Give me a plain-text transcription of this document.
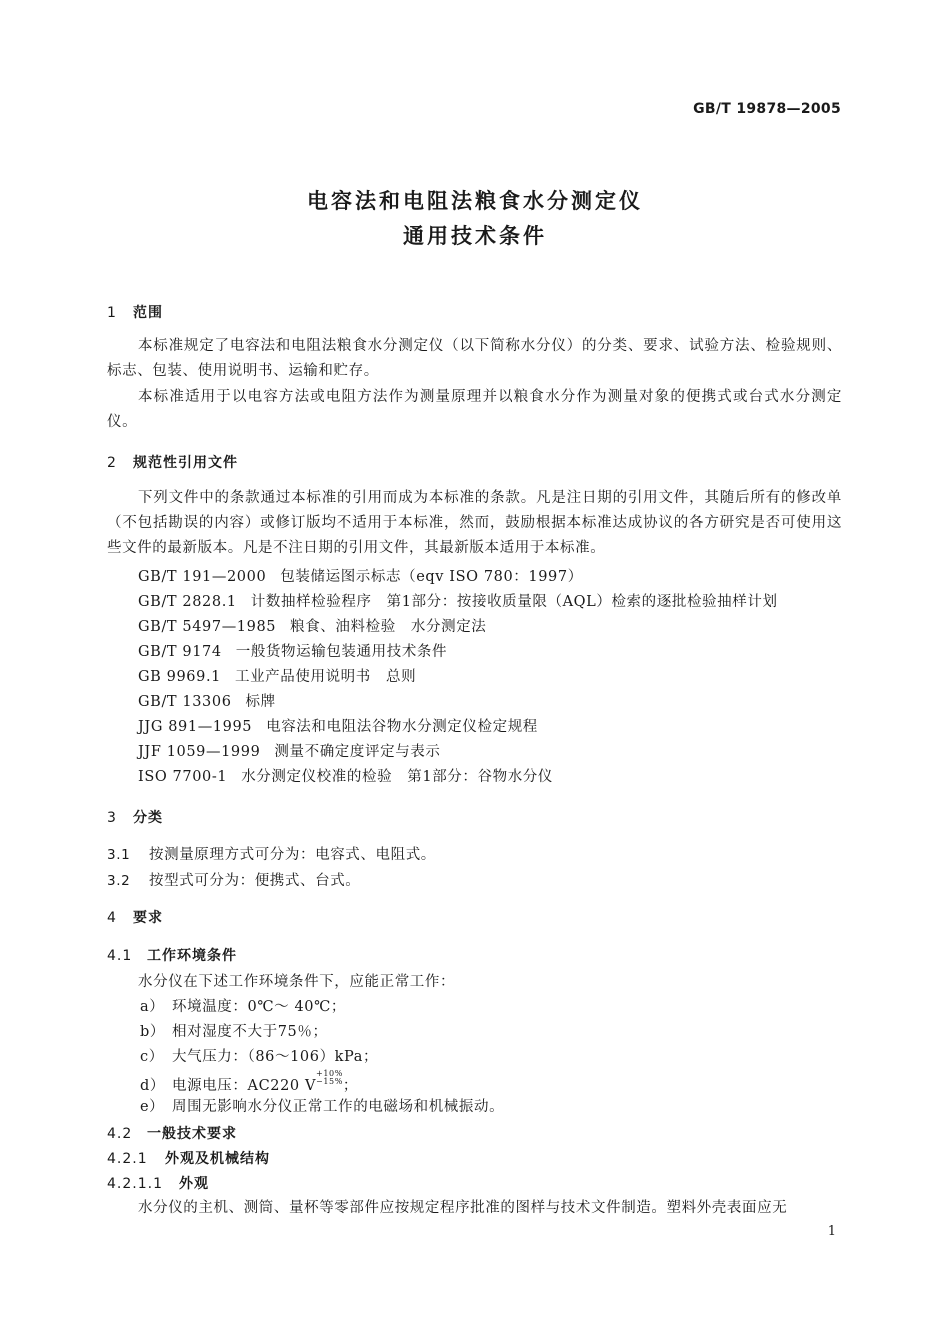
GB/T 19878—2005
电容法和电阻法粮食水分测定仪
通用技术条件
1 范围
本标准规定了电容法和电阻法粮食水分测定仪（以下简称水分仪）的分类、要求、试验方法、检验规则、标志、包装、使用说明书、运输和贮存。
本标准适用于以电容方法或电阻方法作为测量原理并以粮食水分作为测量对象的便携式或台式水分测定仪。
2 规范性引用文件
下列文件中的条款通过本标准的引用而成为本标准的条款。凡是注日期的引用文件，其随后所有的修改单（不包括勘误的内容）或修订版均不适用于本标准，然而，鼓励根据本标准达成协议的各方研究是否可使用这些文件的最新版本。凡是不注日期的引用文件，其最新版本适用于本标准。
GB/T 191—2000 包装储运图示标志（eqv ISO 780：1997）
GB/T 2828.1 计数抽样检验程序　第1部分：按接收质量限（AQL）检索的逐批检验抽样计划
GB/T 5497—1985 粮食、油料检验　水分测定法
GB/T 9174 一般货物运输包装通用技术条件
GB 9969.1 工业产品使用说明书　总则
GB/T 13306 标牌
JJG 891—1995 电容法和电阻法谷物水分测定仪检定规程
JJF 1059—1999 测量不确定度评定与表示
ISO 7700-1 水分测定仪校准的检验　第1部分：谷物水分仪
3 分类
3.1 按测量原理方式可分为：电容式、电阻式。
3.2 按型式可分为：便携式、台式。
4 要求
4.1 工作环境条件
水分仪在下述工作环境条件下，应能正常工作：
a） 环境温度：0℃～ 40℃；
b） 相对湿度不大于75％；
c） 大气压力：（86～106）kPa；
d） 电源电压：AC220 V
+10%
−15% ；
e） 周围无影响水分仪正常工作的电磁场和机械振动。
4.2 一般技术要求
4.2.1 外观及机械结构
4.2.1.1 外观
水分仪的主机、测筒、量杯等零部件应按规定程序批准的图样与技术文件制造。塑料外壳表面应无
1
